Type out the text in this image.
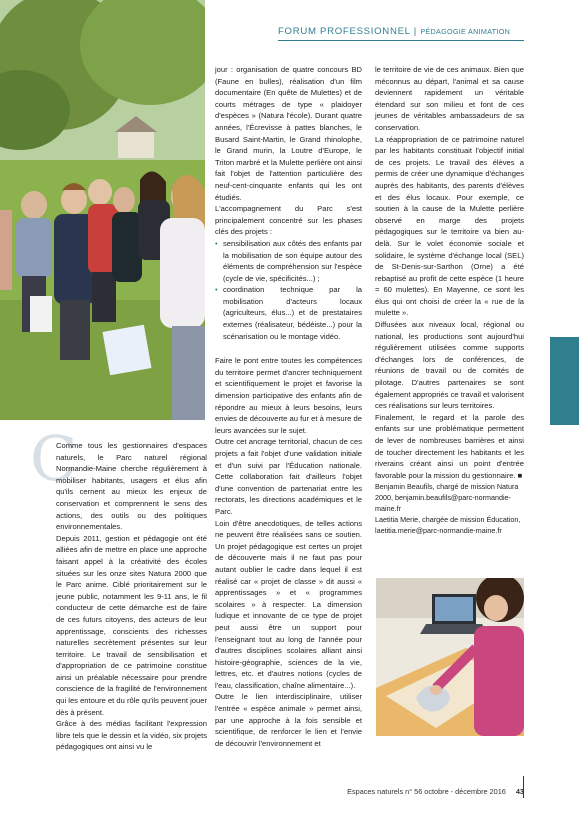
FORUM PROFESSIONNEL | PÉDAGOGIE ANIMATION
C

Comme tous les gestionnaires d'espaces naturels, le Parc naturel régional Normandie-Maine cherche régulièrement à mobiliser habitants, usagers et élus afin qu'ils cernent au mieux les enjeux de conservation et comprennent le sens des actions, des outils ou des politiques environnementales.

Depuis 2011, gestion et pédagogie ont été alliées afin de mettre en place une approche faisant appel à la créativité des écoles situées sur les onze sites Natura 2000 que le Parc anime. Ciblé prioritairement sur le jeune public, notamment les 9-11 ans, le fil conducteur de cette démarche est de faire de ces futurs citoyens, des acteurs de leur apprentissage, conscients des richesses naturelles secrètement présentes sur leur territoire. Le travail de sensibilisation et d'appropriation de ce patrimoine constitue ainsi un préalable nécessaire pour prendre conscience de la fragilité de l'environnement qui les entoure et du rôle qu'ils peuvent jouer dès à présent.

Grâce à des médias facilitant l'expression libre tels que le dessin et la vidéo, six projets pédagogiques ont ainsi vu le

jour : organisation de quatre concours BD (Faune en bulles), réalisation d'un film documentaire (En quête de Mulettes) et de courts métrages de type « plaidoyer d'espèces » (Natura l'école). Durant quatre années, l'Écrevisse à pattes blanches, le Busard Saint-Martin, le Grand rhinolophe, le Grand murin, la Loutre d'Europe, le Triton marbré et la Mulette perlière ont ainsi fait l'objet de l'attention particulière des neuf-cent-cinquante enfants qui les ont étudiés.

L'accompagnement du Parc s'est principalement concentré sur les phases clés des projets :

• sensibilisation aux côtés des enfants par la mobilisation de son équipe autour des éléments de compréhension sur l'espèce (cycle de vie, spécificités...) ;
• coordination technique par la mobilisation d'acteurs locaux (agriculteurs, élus...) et de prestataires externes (réalisateur, bédéiste...) pour la scénarisation ou le montage vidéo.

Faire le pont entre toutes les compétences du territoire permet d'ancrer techniquement et scientifiquement le projet et favorise la dimension participative des enfants afin de répondre au mieux à leurs besoins, leurs envies de découverte au fur et à mesure de leurs avancées sur le sujet.

Outre cet ancrage territorial, chacun de ces projets a fait l'objet d'une validation initiale et d'un suivi par l'Éducation nationale. Cette collaboration fait d'ailleurs l'objet d'une convention de partenariat entre les rectorats, les directions académiques et le Parc.

Loin d'être anecdotiques, de telles actions ne peuvent être réalisées sans ce soutien. Un projet pédagogique est certes un projet de découverte mais il ne faut pas pour autant oublier le cadre dans lequel il est réalisé car « projet de classe » dit aussi « apprentissages » et « programmes scolaires » à respecter. La dimension ludique et innovante de ce type de projet peut aussi être un support pour l'enseignant tout au long de l'année pour d'autres disciplines scolaires alliant ainsi histoire-géographie, sciences de la vie, lettres, etc. et d'autres notions (cycles de l'eau, classification, chaîne alimentaire...).

Outre le lien interdisciplinaire, utiliser l'entrée « espèce animale » permet ainsi, par une approche à la fois sensible et scientifique, de renforcer le lien et l'envie de découvrir l'environnement et

le territoire de vie de ces animaux. Bien que méconnus au départ, l'animal et sa cause deviennent rapidement un véritable étendard sur son milieu et font de ces jeunes de véritables ambassadeurs de sa conservation.

La réappropriation de ce patrimoine naturel par les habitants constituait l'objectif initial de ces projets. Le travail des élèves a permis de créer une dynamique d'échanges auprès des habitants, des parents d'élèves et des élus locaux. Pour exemple, ce soutien à la cause de la Mulette perlière observé en marge des projets pédagogiques sur le territoire va bien au-delà. Sur le volet économie sociale et solidaire, le système d'échange local (SEL) de St-Denis-sur-Sarthon (Orne) a été rebaptisé au profit de cette espèce (1 heure = 60 mulettes). En Mayenne, ce sont les élus qui ont choisi de créer la « rue de la mulette ».

Diffusées aux niveaux local, régional ou national, les productions sont aujourd'hui régulièrement utilisées comme supports d'échanges lors de conférences, de réunions de travail ou de comités de pilotage. D'autres partenaires se sont également appropriés ce travail et valorisent ces réalisations sur leurs territoires.

Finalement, le regard et la parole des enfants sur une problématique permettent de lever de nombreuses barrières et ainsi de toucher directement les habitants et les riverains créant ainsi un point d'entrée favorable pour la mission du gestionnaire. ■

Benjamin Beaufils, chargé de mission Natura 2000, benjamin.beaufils@parc-normandie-maine.fr

Laetitia Merie, chargée de mission Éducation, laetitia.merie@parc-normandie-maine.fr

Espaces naturels n° 56 octobre - décembre 2016 43
